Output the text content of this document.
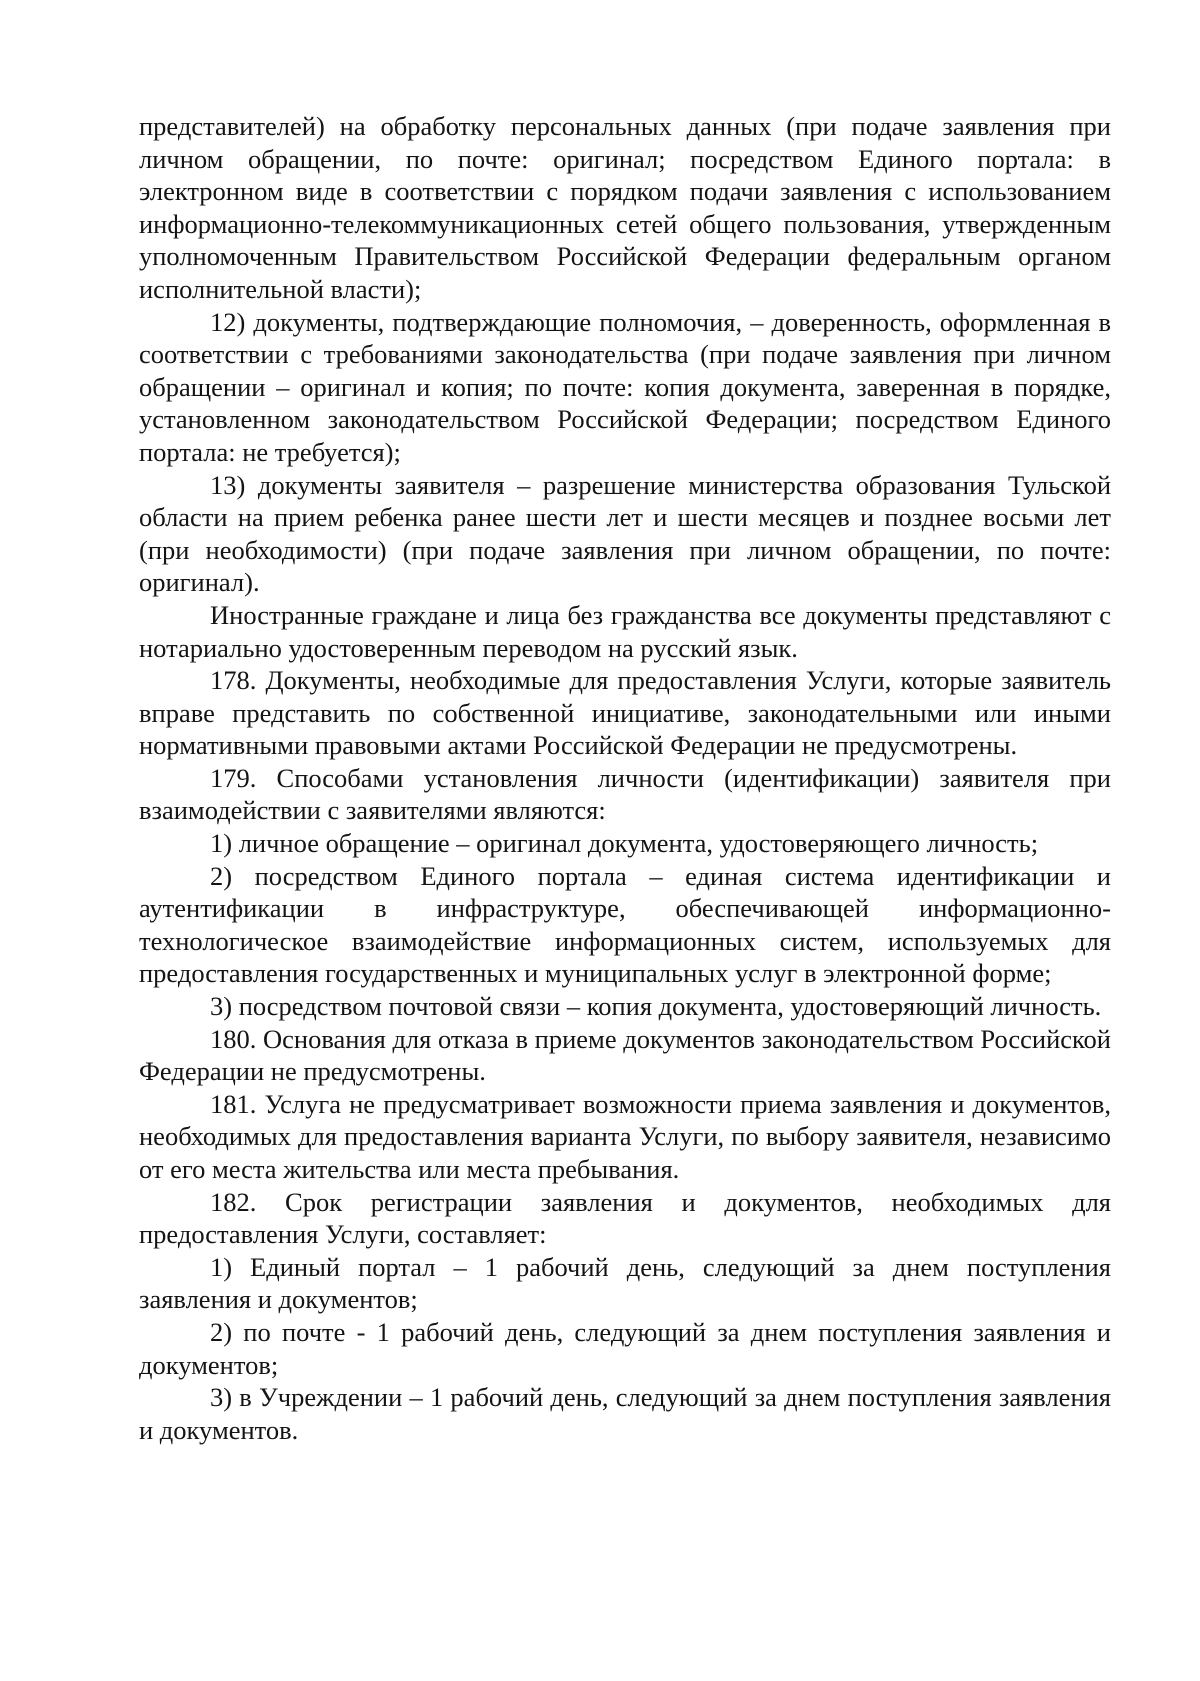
представителей) на обработку персональных данных (при подаче заявления при личном обращении, по почте: оригинал; посредством Единого портала: в электронном виде в соответствии с порядком подачи заявления с использованием информационно-телекоммуникационных сетей общего пользования, утвержденным уполномоченным Правительством Российской Федерации федеральным органом исполнительной власти);

12) документы, подтверждающие полномочия, – доверенность, оформленная в соответствии с требованиями законодательства (при подаче заявления при личном обращении – оригинал и копия; по почте: копия документа, заверенная в порядке, установленном законодательством Российской Федерации; посредством Единого портала: не требуется);

13) документы заявителя – разрешение министерства образования Тульской области на прием ребенка ранее шести лет и шести месяцев и позднее восьми лет (при необходимости) (при подаче заявления при личном обращении, по почте: оригинал).

Иностранные граждане и лица без гражданства все документы представляют с нотариально удостоверенным переводом на русский язык.

178. Документы, необходимые для предоставления Услуги, которые заявитель вправе представить по собственной инициативе, законодательными или иными нормативными правовыми актами Российской Федерации не предусмотрены.

179. Способами установления личности (идентификации) заявителя при взаимодействии с заявителями являются:

1) личное обращение – оригинал документа, удостоверяющего личность;

2) посредством Единого портала – единая система идентификации и аутентификации в инфраструктуре, обеспечивающей информационно-технологическое взаимодействие информационных систем, используемых для предоставления государственных и муниципальных услуг в электронной форме;

3) посредством почтовой связи – копия документа, удостоверяющий личность.

180. Основания для отказа в приеме документов законодательством Российской Федерации не предусмотрены.

181. Услуга не предусматривает возможности приема заявления и документов, необходимых для предоставления варианта Услуги, по выбору заявителя, независимо от его места жительства или места пребывания.

182. Срок регистрации заявления и документов, необходимых для предоставления Услуги, составляет:

1) Единый портал – 1 рабочий день, следующий за днем поступления заявления и документов;

2) по почте - 1 рабочий день, следующий за днем поступления заявления и документов;

3) в Учреждении – 1 рабочий день, следующий за днем поступления заявления и документов.
